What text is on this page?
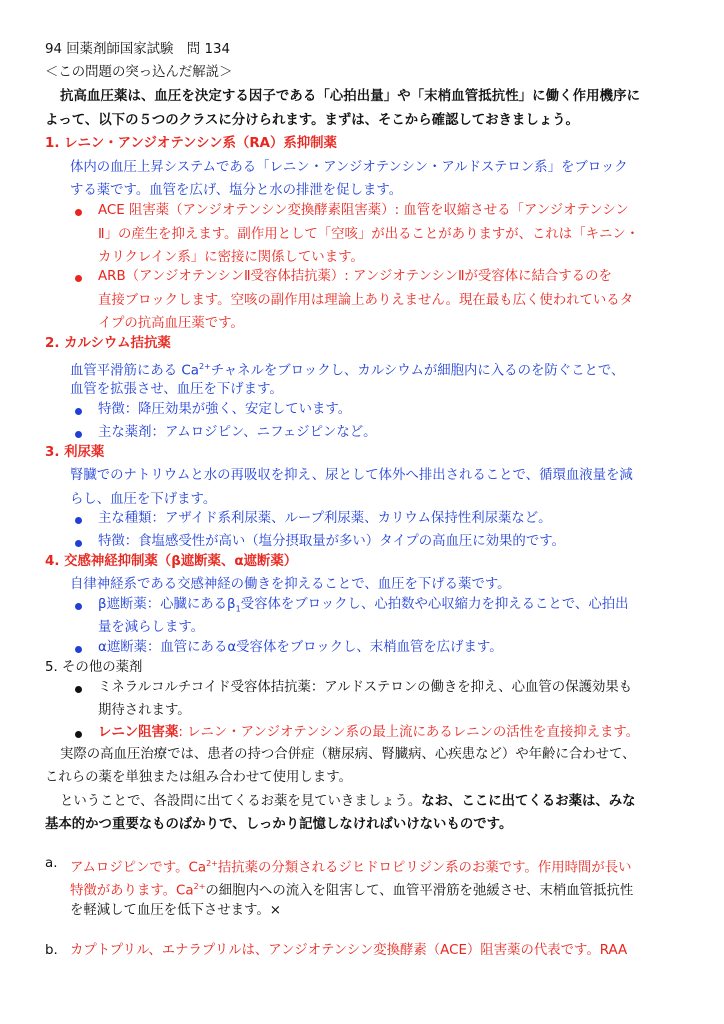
94 回薬剤師国家試験　問 134
＜この問題の突っ込んだ解説＞
抗高血圧薬は、血圧を決定する因子である「心拍出量」や「末梢血管抵抗性」に働く作用機序に
よって、以下の５つのクラスに分けられます。まずは、そこから確認しておきましょう。
1. レニン・アンジオテンシン系（RA）系抑制薬
体内の血圧上昇システムである「レニン・アンジオテンシン・アルドステロン系」をブロック
する薬です。血管を広げ、塩分と水の排泄を促します。
ACE 阻害薬（アンジオテンシン変換酵素阻害薬）: 血管を収縮させる「アンジオテンシン
Ⅱ」の産生を抑えます。副作用として「空咳」が出ることがありますが、これは「キニン・
カリクレイン系」に密接に関係しています。
ARB（アンジオテンシンⅡ受容体拮抗薬）: アンジオテンシンⅡが受容体に結合するのを
直接ブロックします。空咳の副作用は理論上ありえません。現在最も広く使われているタ
イプの抗高血圧薬です。
2. カルシウム拮抗薬
血管平滑筋にある $Ca^{2+}$チャネルをブロックし、カルシウムが細胞内に入るのを防ぐことで、
血管を拡張させ、血圧を下げます。
特徴：降圧効果が強く、安定しています。
主な薬剤：アムロジピン、ニフェジピンなど。
3. 利尿薬
腎臓でのナトリウムと水の再吸収を抑え、尿として体外へ排出されることで、循環血液量を減
らし、血圧を下げます。
主な種類：アザイド系利尿薬、ループ利尿薬、カリウム保持性利尿薬など。
特徴：食塩感受性が高い（塩分摂取量が多い）タイプの高血圧に効果的です。
4. 交感神経抑制薬（β遮断薬、α遮断薬）
自律神経系である交感神経の働きを抑えることで、血圧を下げる薬です。
β遮断薬：心臓にある$\beta_1$受容体をブロックし、心拍数や心収縮力を抑えることで、心拍出
量を減らします。
α遮断薬：血管にあるα受容体をブロックし、末梢血管を広げます。
5. その他の薬剤
ミネラルコルチコイド受容体拮抗薬：アルドステロンの働きを抑え、心血管の保護効果も
期待されます。
レニン阻害薬: レニン・アンジオテンシン系の最上流にあるレニンの活性を直接抑えます。
実際の高血圧治療では、患者の持つ合併症（糖尿病、腎臓病、心疾患など）や年齢に合わせて、
これらの薬を単独または組み合わせて使用します。
ということで、各設問に出てくるお薬を見ていきましょう。なお、ここに出てくるお薬は、みな
基本的かつ重要なものばかりで、しっかり記憶しなければいけないものです。
a. アムロジピンです。$Ca^{2+}$拮抗薬の分類されるジヒドロピリジン系のお薬です。作用時間が長い
特徴があります。$Ca^{2+}$の細胞内への流入を阻害して、血管平滑筋を弛緩させ、末梢血管抵抗性
を軽減して血圧を低下させます。×
b. カプトプリル、エナラプリルは、アンジオテンシン変換酵素（ACE）阻害薬の代表です。RAA
